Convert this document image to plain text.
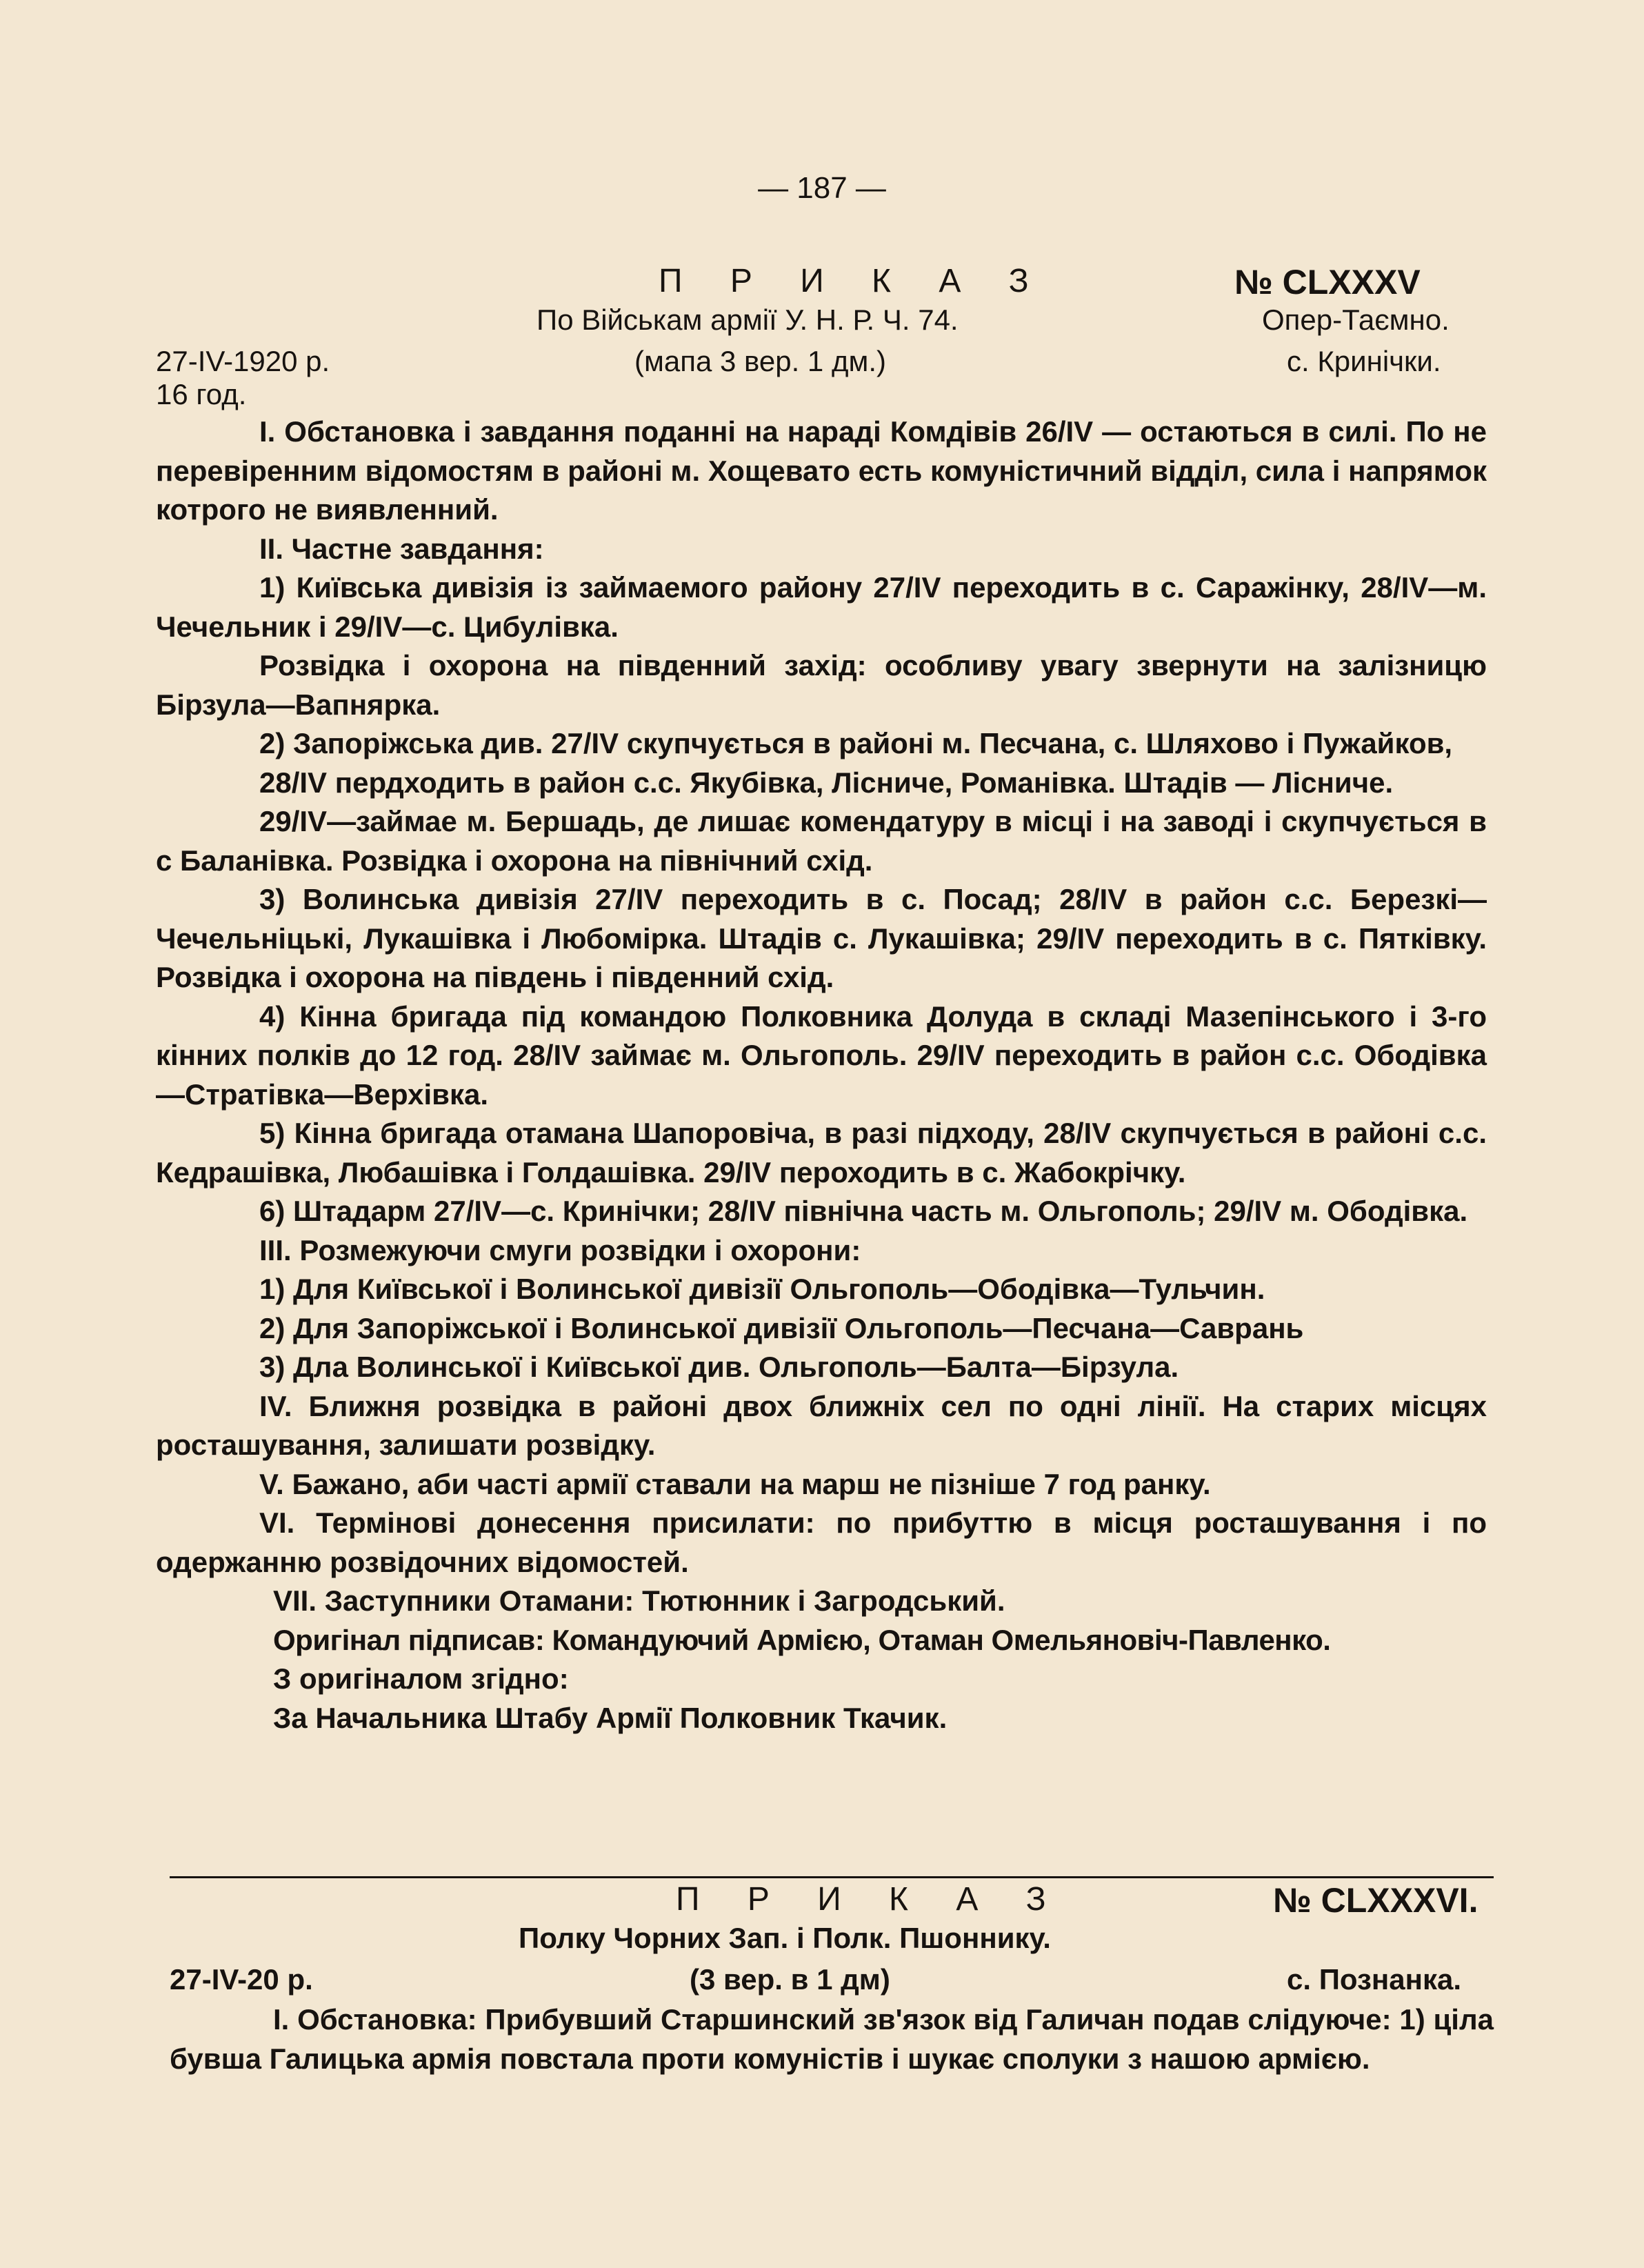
— 187 —
П Р И К А З	№ CLXXXV
По Військам армії У. Н. Р. Ч. 74.	Опер-Таємно.
27-IV-1920 р.	(мапа 3 вер. 1 дм.)	с. Кринічки.
16 год.

I. Обстановка і завдання поданні на нараді Комдівів 26/IV — остаються в силі. По не перевіренним відомостям в районі м. Хощевато есть комуністичний відділ, сила і напрямок котрого не виявленний.

II. Частне завдання:

1) Київська дивізія із займаемого району 27/IV переходить в с. Саражінку, 28/IV—м. Чечельник і 29/IV—с. Цибулівка.

Розвідка і охорона на південний захід: особливу увагу звернути на залізницю Бірзула—Вапнярка.

2) Запоріжська див. 27/IV скупчується в районі м. Песчана, с. Шляхово і Пужайков,

28/IV пердходить в район с.с. Якубівка, Лісниче, Романівка. Штадів — Лісниче.

29/IV—займае м. Бершадь, де лишає комендатуру в місці і на заводі і скупчується в с Баланівка. Розвідка і охорона на північний схід.

3) Волинська дивізія 27/IV переходить в с. Посад; 28/IV в район с.с. Березкі—Чечельніцькі, Лукашівка і Любомірка. Штадів с. Лукашівка; 29/IV переходить в с. Пятківку. Розвідка і охорона на південь і південний схід.

4) Кінна бригада під командою Полковника Долуда в складі Мазепінського і 3-го кінних полків до 12 год. 28/IV займає м. Ольгополь. 29/IV переходить в район с.с. Ободівка—Стратівка—Верхівка.

5) Кінна бригада отамана Шапоровіча, в разі підходу, 28/IV скупчується в районі с.с. Кедрашівка, Любашівка і Голдашівка. 29/IV пероходить в с. Жабокрічку.

6) Штадарм 27/IV—с. Кринічки; 28/IV північна часть м. Ольгополь; 29/IV м. Ободівка.

III. Розмежуючи смуги розвідки і охорони:

1) Для Київської і Волинської дивізії Ольгополь—Ободівка—Тульчин.

2) Для Запоріжської і Волинської дивізії Ольгополь—Песчана—Саврань

3) Дла Волинської і Київської див. Ольгополь—Балта—Бірзула.

IV. Ближня розвідка в районі двох ближніх сел по одні лінії. На старих місцях росташування, залишати розвідку.

V. Бажано, аби часті армії ставали на марш не пізніше 7 год ранку.

VI. Термінові донесення присилати: по прибуттю в місця росташування і по одержанню розвідочних відомостей.

VII. Заступники Отамани: Тютюнник і Загродський.

Оригінал підписав: Командуючий Армією, Отаман Омельяновіч-Павленко.

З оригіналом згідно:

За Начальника Штабу Армії Полковник Ткачик.

П Р И К А З	№ CLXXXVI.
Полку Чорних Зап. і Полк. Пшоннику.
27-IV-20 р.	(3 вер. в 1 дм)	с. Познанка.

I. Обстановка: Прибувший Старшинский зв'язок від Галичан подав слідуюче: 1) ціла бувша Галицька армія повстала проти комуністів і шукає сполуки з нашою армією.
